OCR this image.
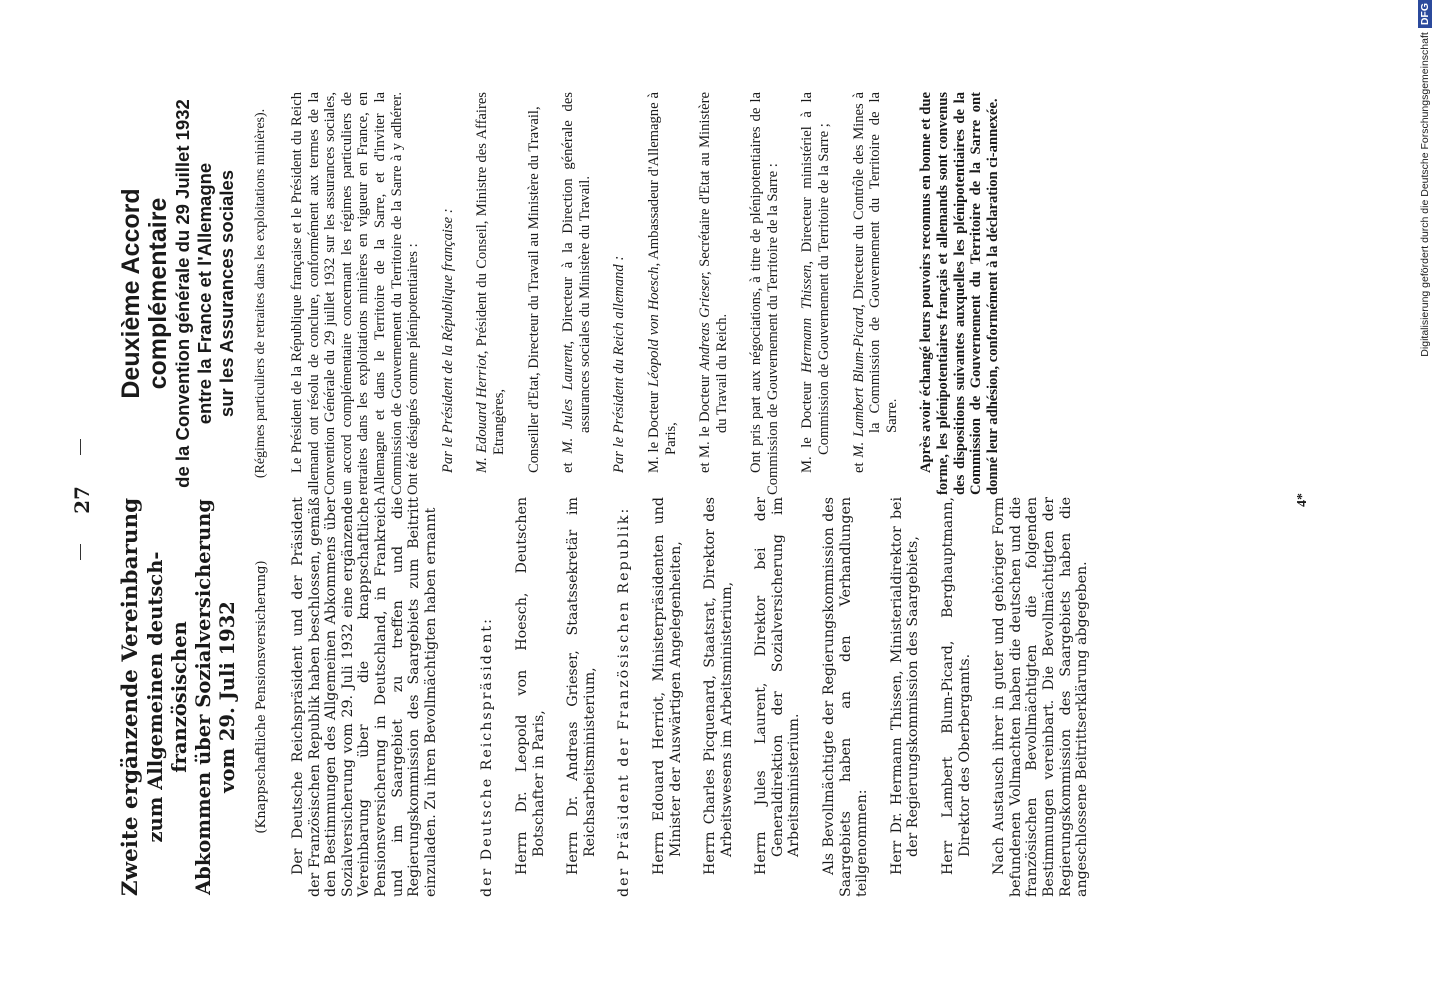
27 Zweite ergänzende Vereinbarung zum Allgemeinen deutsch-französischen Abkommen über Sozialversicherung vom 29. Juli 1932 (Knappschaftliche Pensionsversicherung) Der Deutsche Reichspräsident und der Präsident der Französischen Republik haben beschlossen, gemäß den Bestimmungen des Allgemeinen Abkommens über Sozialversicherung vom 29. Juli 1932 eine ergänzende Vereinbarung über die knappschaftliche Pensionsversicherung in Deutschland, in Frankreich und im Saargebiet zu treffen und die Regierungskommission des Saargebiets zum Beitritt einzuladen. Zu ihren Bevollmächtigten haben ernannt	der Deutsche Reichspräsident: Herrn Dr. Leopold von Hoesch, Deutschen Botschafter in Paris, Herrn Dr. Andreas Grieser, Staatssekretär im Reichsarbeitsministerium, der Präsident der Französischen Republik: Herrn Edouard Herriot, Ministerpräsidenten und Minister der Auswärtigen Angelegenheiten, Herrn Charles Picquenard, Staatsrat, Direktor des Arbeitswesens im Arbeitsministerium, Herrn Jules Laurent, Direktor bei der Generaldirektion der Sozialversicherung im Arbeitsministerium. Als Bevollmächtigte der Regierungskommission des Saargebiets haben an den Verhandlungen teilgenommen: Herr Dr. Hermann Thissen, Ministerialdirektor bei der Regierungskommission des Saargebiets, Herr Lambert Blum-Picard, Berghauptmann, Direktor des Oberbergamts. Nach Austausch ihrer in guter und gehöriger Form befundenen Vollmachten haben die deutschen und die französischen Bevollmächtigten die folgenden Bestimmungen vereinbart. Die Bevollmächtigten der Regierungskommission des Saargebiets haben die angeschlossene Beitrittserklärung abgegeben.

Deuxième Accord complémentaire de la Convention générale du 29 Juillet 1932 entre la France et l'Allemagne sur les Assurances sociales (Régimes particuliers de retraites dans les exploitations minières). Le Président de la République française et le Président du Reich allemand ont résolu de conclure, conformément aux termes de la Convention Générale du 29 juillet 1932 sur les assurances sociales, un accord complémentaire concernant les régimes particuliers de retraites dans les exploitations minières en vigueur en France, en Allemagne et dans le Territoire de la Sarre, et d'inviter la Commission de Gouvernement du Territoire de la Sarre à y adhérer. Ont été désignés comme plénipotentiaires : Par le Président de la République française : M. Edouard Herriot, Président du Conseil, Ministre des Affaires Etrangères, Conseiller d'Etat, Directeur du Travail au Ministère du Travail, et M. Jules Laurent, Directeur à la Direction générale des assurances sociales du Ministère du Travail. Par le Président du Reich allemand : M. le Docteur Léopold von Hoesch, Ambassadeur d'Allemagne à Paris, et M. le Docteur Andreas Grieser, Secrétaire d'Etat au Ministère du Travail du Reich. Ont pris part aux négociations, à titre de plénipotentiaires de la Commission de Gouvernement du Territoire de la Sarre : M. le Docteur Hermann Thissen, Directeur ministériel à la Commission de Gouvernement du Territoire de la Sarre ;

et M. Lambert Blum-Picard, Directeur du Contrôle des Mines à la Commission de Gouvernement du Territoire de la Sarre. Après avoir échangé leurs pouvoirs reconnus en bonne et due forme, les plénipotentiaires français et allemands sont convenus des dispositions suivantes auxquelles les plénipotentiaires de la Commission de Gouvernement du Territoire de la Sarre ont donné leur adhésion, conformément à la déclaration ci-annexée.

4*
Digitalisierung gefördert durch die Deutsche ForschungsgemeinschaftDFG
